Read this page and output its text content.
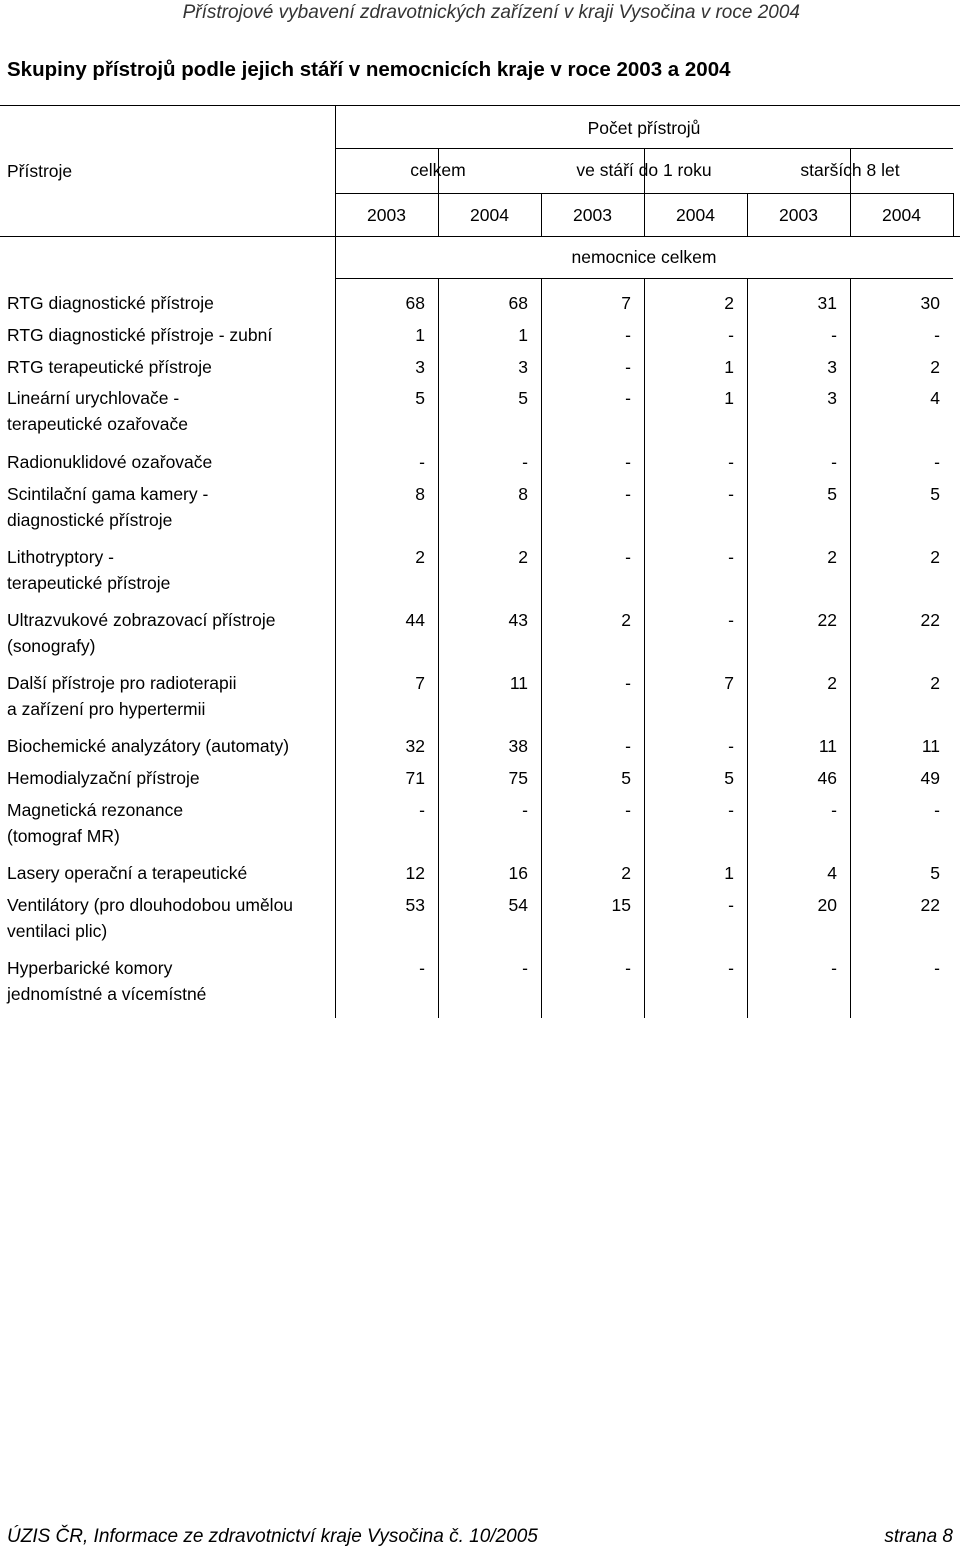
Přístrojové vybavení zdravotnických zařízení v kraji Vysočina v roce 2004
Skupiny přístrojů podle jejich stáří v nemocnicích kraje v roce 2003 a 2004
Přístroje
Počet přístrojů
celkem	ve stáří do 1 roku	starších 8 let
2003	2004	2003	2004	2003	2004
nemocnice celkem
RTG diagnostické přístroje	68	68	7	2	31	30
RTG diagnostické přístroje - zubní	1	1	-	-	-	-
RTG terapeutické přístroje	3	3	-	1	3	2
Lineární urychlovače -
terapeutické ozařovače
5	5	-	1	3	4
Radionuklidové ozařovače	-	-	-	-	-	-
Scintilační gama kamery -
diagnostické přístroje
8	8	-	-	5	5
Lithotryptory -
terapeutické přístroje
2	2	-	-	2	2
Ultrazvukové zobrazovací přístroje
(sonografy)
44	43	2	-	22	22
Další přístroje pro radioterapii
a zařízení pro hypertermii
7	11	-	7	2	2
Biochemické analyzátory (automaty)	32	38	-	-	11	11
Hemodialyzační přístroje	71	75	5	5	46	49
Magnetická rezonance
(tomograf MR)
-	-	-	-	-	-
Lasery operační a terapeutické	12	16	2	1	4	5
Ventilátory (pro dlouhodobou umělou
ventilaci plic)
53	54	15	-	20	22
Hyperbarické komory
jednomístné a vícemístné
-	-	-	-	-	-
ÚZIS ČR, Informace ze zdravotnictví kraje Vysočina č. 10/2005	strana 8
